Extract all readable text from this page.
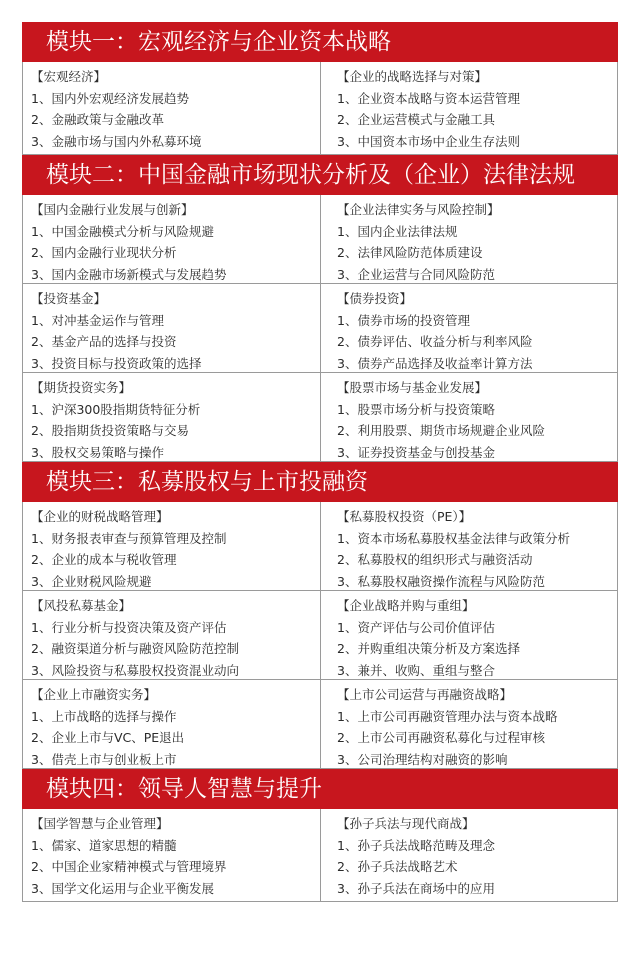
模块一：宏观经济与企业资本战略
【宏观经济】
1、国内外宏观经济发展趋势
2、金融政策与金融改革
3、金融市场与国内外私募环境
【企业的战略选择与对策】
1、企业资本战略与资本运营管理
2、企业运营模式与金融工具
3、中国资本市场中企业生存法则
模块二：中国金融市场现状分析及（企业）法律法规
【国内金融行业发展与创新】
1、中国金融模式分析与风险规避
2、国内金融行业现状分析
3、国内金融市场新模式与发展趋势
【企业法律实务与风险控制】
1、国内企业法律法规
2、法律风险防范体质建设
3、企业运营与合同风险防范
【投资基金】
1、对冲基金运作与管理
2、基金产品的选择与投资
3、投资目标与投资政策的选择
【债券投资】
1、债券市场的投资管理
2、债券评估、收益分析与利率风险
3、债券产品选择及收益率计算方法
【期货投资实务】
1、沪深300股指期货特征分析
2、股指期货投资策略与交易
3、股权交易策略与操作
【股票市场与基金业发展】
1、股票市场分析与投资策略
2、利用股票、期货市场规避企业风险
3、证券投资基金与创投基金
模块三：私募股权与上市投融资
【企业的财税战略管理】
1、财务报表审查与预算管理及控制
2、企业的成本与税收管理
3、企业财税风险规避
【私募股权投资（PE）】
1、资本市场私募股权基金法律与政策分析
2、私募股权的组织形式与融资活动
3、私募股权融资操作流程与风险防范
【风投私募基金】
1、行业分析与投资决策及资产评估
2、融资渠道分析与融资风险防范控制
3、风险投资与私募股权投资混业动向
【企业战略并购与重组】
1、资产评估与公司价值评估
2、并购重组决策分析及方案选择
3、兼并、收购、重组与整合
【企业上市融资实务】
1、上市战略的选择与操作
2、企业上市与VC、PE退出
3、借壳上市与创业板上市
【上市公司运营与再融资战略】
1、上市公司再融资管理办法与资本战略
2、上市公司再融资私募化与过程审核
3、公司治理结构对融资的影响
模块四：领导人智慧与提升
【国学智慧与企业管理】
1、儒家、道家思想的精髓
2、中国企业家精神模式与管理境界
3、国学文化运用与企业平衡发展
【孙子兵法与现代商战】
1、孙子兵法战略范畴及理念
2、孙子兵法战略艺术
3、孙子兵法在商场中的应用
